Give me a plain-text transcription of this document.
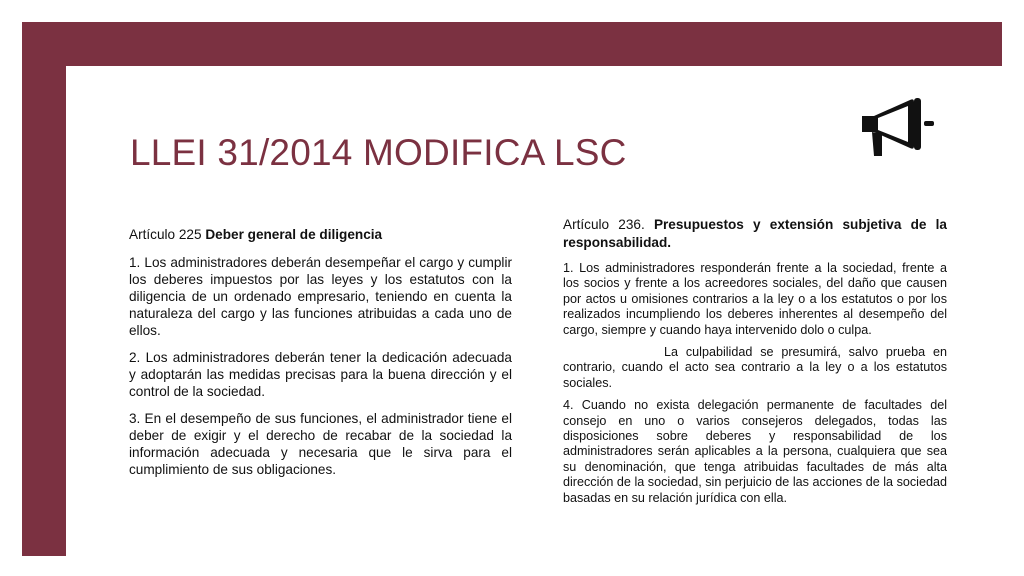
LLEI 31/2014 MODIFICA LSC

Artículo 225 Deber general de diligencia

1. Los administradores deberán desempeñar el cargo y cumplir los deberes impuestos por las leyes y los estatutos con la diligencia de un ordenado empresario, teniendo en cuenta la naturaleza del cargo y las funciones atribuidas a cada uno de ellos.

2. Los administradores deberán tener la dedicación adecuada y adoptarán las medidas precisas para la buena dirección y el control de la sociedad.

3. En el desempeño de sus funciones, el administrador tiene el deber de exigir y el derecho de recabar de la sociedad la información adecuada y necesaria que le sirva para el cumplimiento de sus obligaciones.

Artículo 236. Presupuestos y extensión subjetiva de la responsabilidad.

1. Los administradores responderán frente a la sociedad, frente a los socios y frente a los acreedores sociales, del daño que causen por actos u omisiones contrarios a la ley o a los estatutos o por los realizados incumpliendo los deberes inherentes al desempeño del cargo, siempre y cuando haya intervenido dolo o culpa.

La culpabilidad se presumirá, salvo prueba en contrario, cuando el acto sea contrario a la ley o a los estatutos sociales.

4. Cuando no exista delegación permanente de facultades del consejo en uno o varios consejeros delegados, todas las disposiciones sobre deberes y responsabilidad de los administradores serán aplicables a la persona, cualquiera que sea su denominación, que tenga atribuidas facultades de más alta dirección de la sociedad, sin perjuicio de las acciones de la sociedad basadas en su relación jurídica con ella.
